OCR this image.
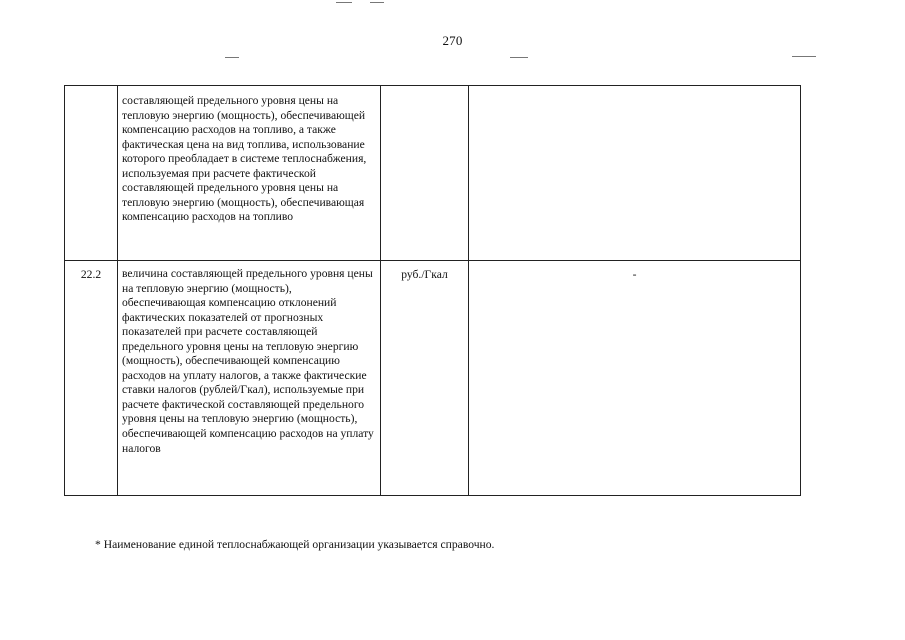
270
	составляющей предельного уровня цены на тепловую энергию (мощность), обеспечивающей компенсацию расходов на топливо, а также фактическая цена на вид топлива, использование которого преобладает в системе теплоснабжения, используемая при расчете фактической составляющей предельного уровня цены на тепловую энергию (мощность), обеспечивающая компенсацию расходов на топливо	

22.2	величина составляющей предельного уровня цены на тепловую энергию (мощность), обеспечивающая компенсацию отклонений фактических показателей от прогнозных показателей при расчете составляющей предельного уровня цены на тепловую энергию (мощность), обеспечивающей компенсацию расходов на уплату налогов, а также фактические ставки налогов (рублей/Гкал), используемые при расчете фактической составляющей предельного уровня цены на тепловую энергию (мощность), обеспечивающей компенсацию расходов на уплату налогов	руб./Гкал	-
* Наименование единой теплоснабжающей организации указывается справочно.
